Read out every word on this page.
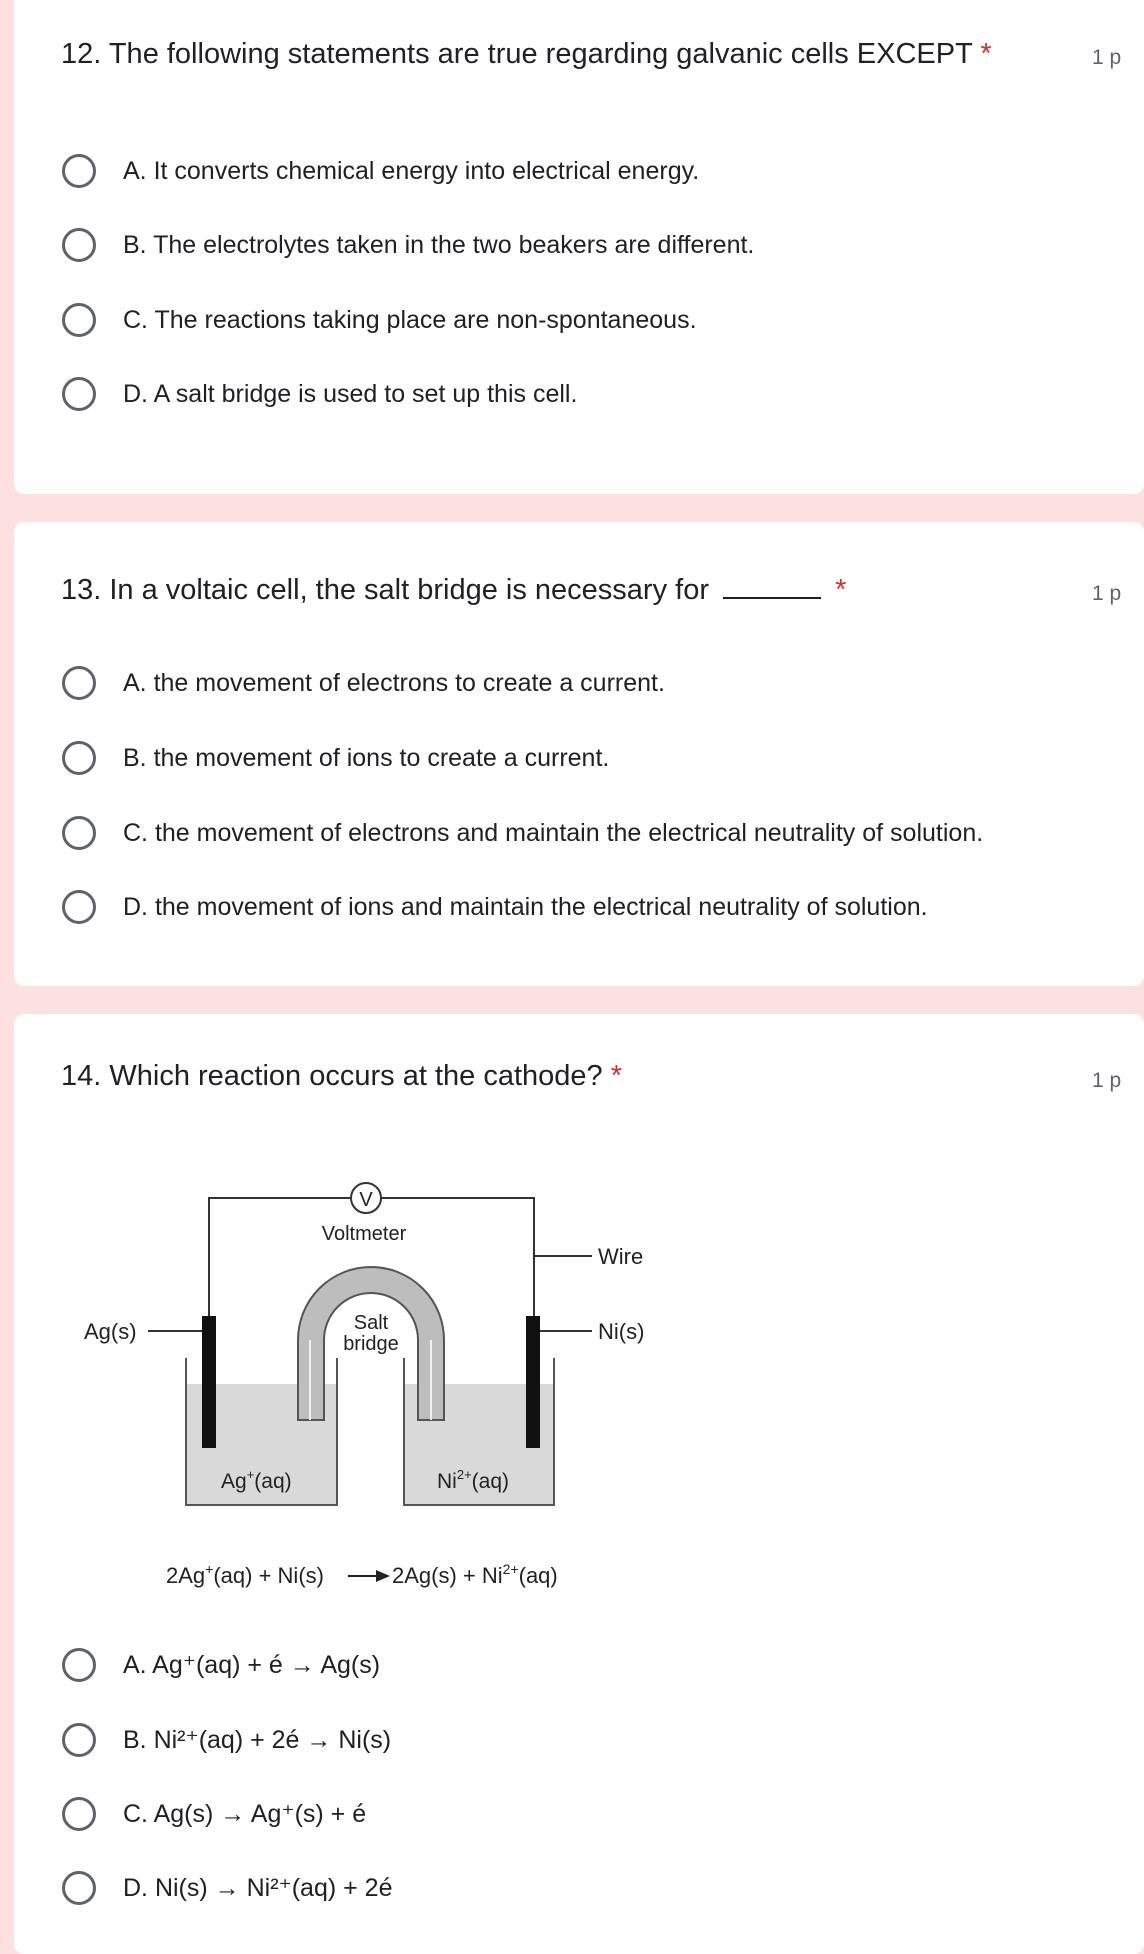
12. The following statements are true regarding galvanic cells EXCEPT *	1 p
A. It converts chemical energy into electrical energy.
B. The electrolytes taken in the two beakers are different.
C. The reactions taking place are non-spontaneous.
D. A salt bridge is used to set up this cell.
13. In a voltaic cell, the salt bridge is necessary for	*	1 p
A. the movement of electrons to create a current.
B. the movement of ions to create a current.
C. the movement of electrons and maintain the electrical neutrality of solution.
D. the movement of ions and maintain the electrical neutrality of solution.
14. Which reaction occurs at the cathode? *	1 p
V
Voltmeter
Salt
bridge
Ag(s)	Ni(s)
Wire
Ag+(aq)	$Ni^{2+}(aq)$
2Ag+(aq) + Ni(s)	$2Ag(s) + Ni^{2+}(aq)$
A. Ag⁺(aq) + é → Ag(s)
B. Ni²⁺(aq) + 2é → Ni(s)
C. Ag(s) → Ag⁺(s) + é
D. Ni(s) → Ni²⁺(aq) + 2é
